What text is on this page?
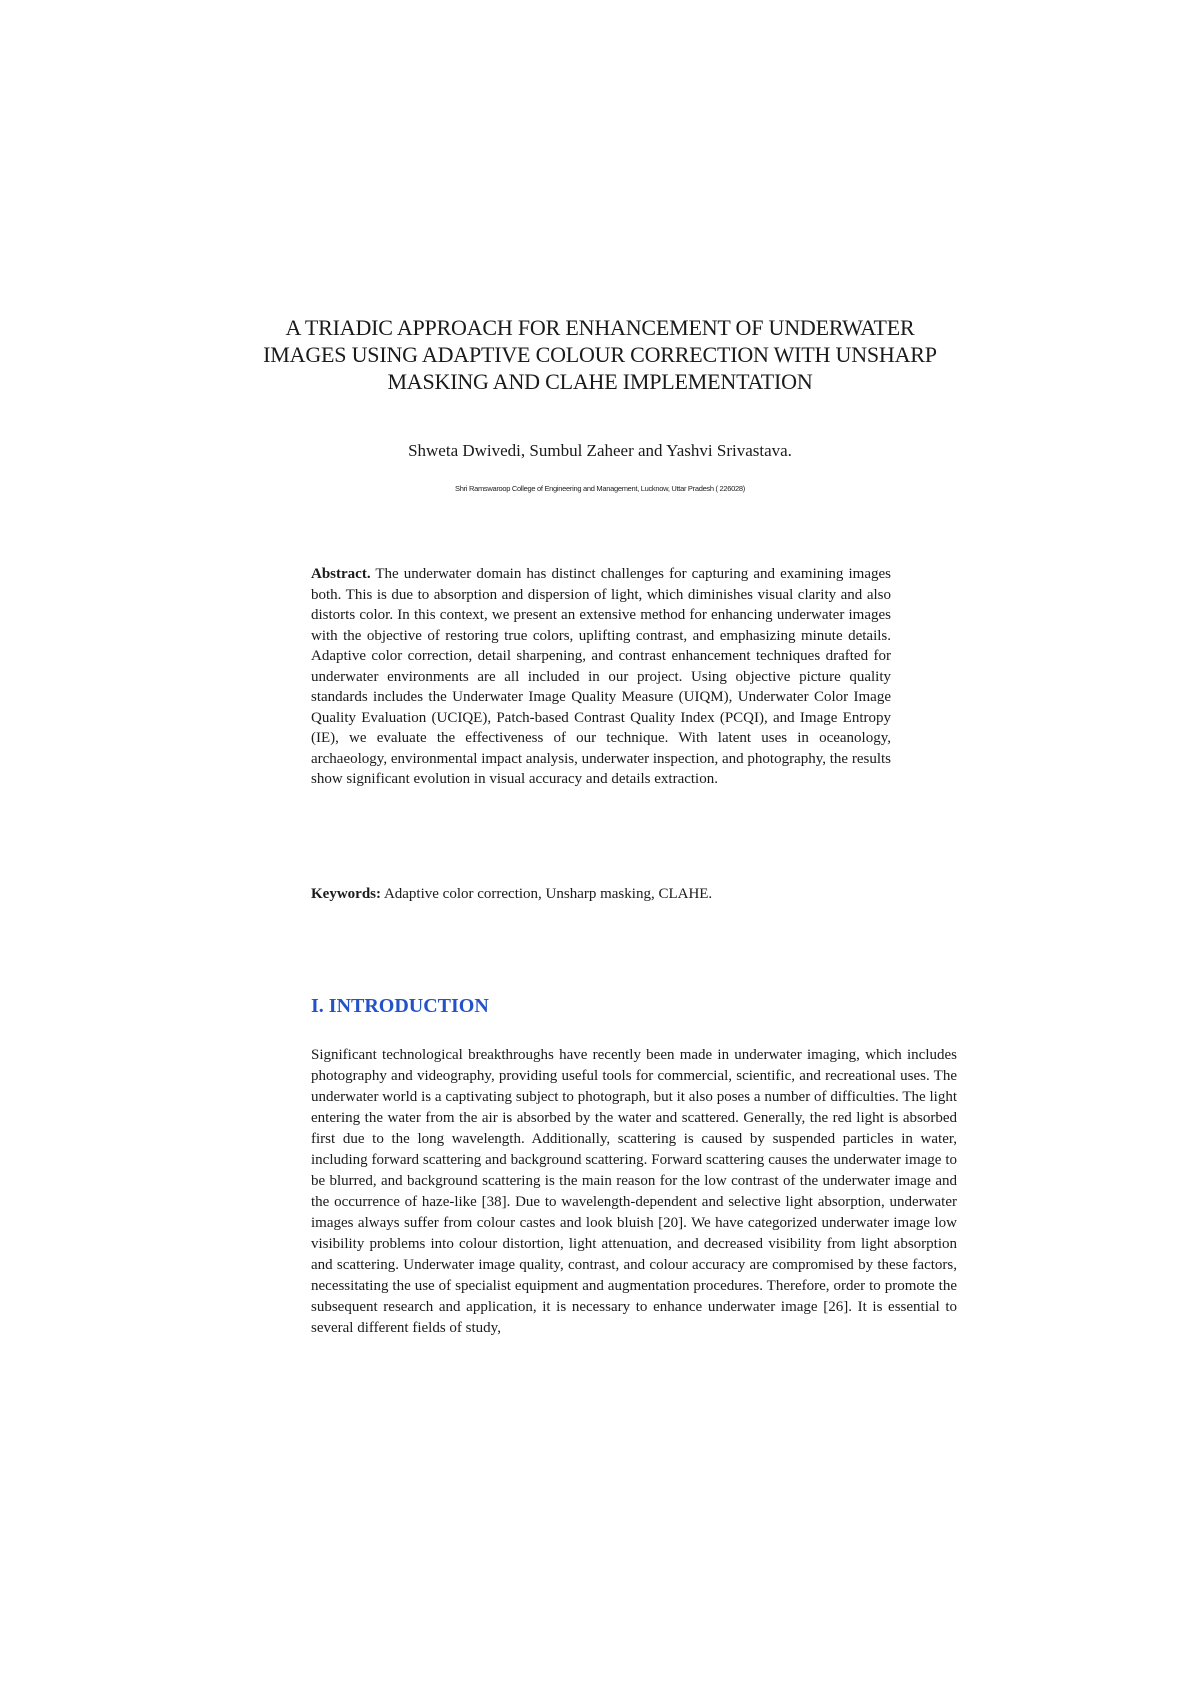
A TRIADIC APPROACH FOR ENHANCEMENT OF UNDERWATER IMAGES USING ADAPTIVE COLOUR CORRECTION WITH UNSHARP MASKING AND CLAHE IMPLEMENTATION
Shweta Dwivedi, Sumbul Zaheer and Yashvi Srivastava.
Shri Ramswaroop College of Engineering and Management, Lucknow, Uttar Pradesh ( 226028)

Abstract. The underwater domain has distinct challenges for capturing and examining images both. This is due to absorption and dispersion of light, which diminishes visual clarity and also distorts color. In this context, we present an extensive method for enhancing underwater images with the objective of restoring true colors, uplifting contrast, and emphasizing minute details. Adaptive color correction, detail sharpening, and contrast enhancement techniques drafted for underwater environments are all included in our project. Using objective picture quality standards includes the Underwater Image Quality Measure (UIQM), Underwater Color Image Quality Evaluation (UCIQE), Patch-based Contrast Quality Index (PCQI), and Image Entropy (IE), we evaluate the effectiveness of our technique. With latent uses in oceanology, archaeology, environmental impact analysis, underwater inspection, and photography, the results show significant evolution in visual accuracy and details extraction.

Keywords: Adaptive color correction, Unsharp masking, CLAHE.

I. INTRODUCTION

Significant technological breakthroughs have recently been made in underwater imaging, which includes photography and videography, providing useful tools for commercial, scientific, and recreational uses. The underwater world is a captivating subject to photograph, but it also poses a number of difficulties. The light entering the water from the air is absorbed by the water and scattered. Generally, the red light is absorbed first due to the long wavelength. Additionally, scattering is caused by suspended particles in water, including forward scattering and background scattering. Forward scattering causes the underwater image to be blurred, and background scattering is the main reason for the low contrast of the underwater image and the occurrence of haze-like [38]. Due to wavelength-dependent and selective light absorption, underwater images always suffer from colour castes and look bluish [20]. We have categorized underwater image low visibility problems into colour distortion, light attenuation, and decreased visibility from light absorption and scattering. Underwater image quality, contrast, and colour accuracy are compromised by these factors, necessitating the use of specialist equipment and augmentation procedures. Therefore, order to promote the subsequent research and application, it is necessary to enhance underwater image [26]. It is essential to several different fields of study,
